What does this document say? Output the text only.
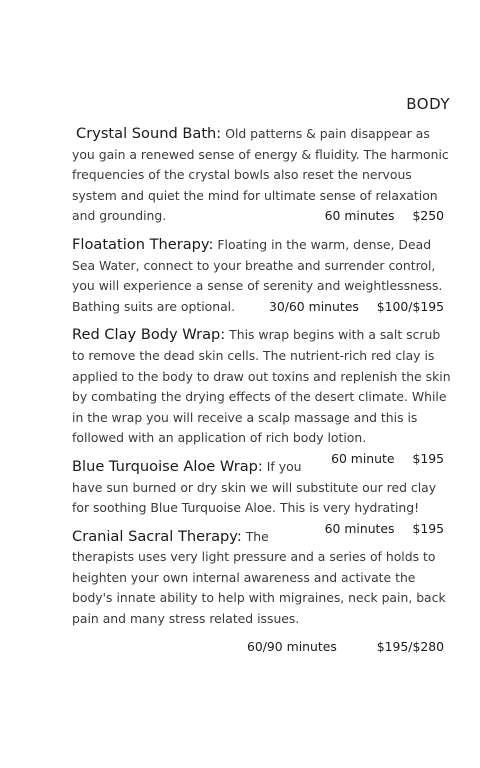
BODY
Crystal Sound Bath: Old patterns & pain disappear as you gain a renewed sense of energy & fluidity. The harmonic frequencies of the crystal bowls also reset the nervous system and quiet the mind for ultimate sense of relaxation and grounding.	60 minutes $250
Floatation Therapy: Floating in the warm, dense, Dead Sea Water, connect to your breathe and surrender control, you will experience a sense of serenity and weightlessness. Bathing suits are optional.	30/60 minutes $100/$195
Red Clay Body Wrap: This wrap begins with a salt scrub to remove the dead skin cells. The nutrient-rich red clay is applied to the body to draw out toxins and replenish the skin by combating the drying effects of the desert climate. While in the wrap you will receive a scalp massage and this is followed with an application of rich body lotion.
60 minute $195
Blue Turquoise Aloe Wrap: If you have sun burned or dry skin we will substitute our red clay for soothing Blue Turquoise Aloe. This is very hydrating!
60 minutes $195
Cranial Sacral Therapy: The therapists uses very light pressure and a series of holds to heighten your own internal awareness and activate the body's innate ability to help with migraines, neck pain, back pain and many stress related issues.
60/90 minutes	$195/$280
